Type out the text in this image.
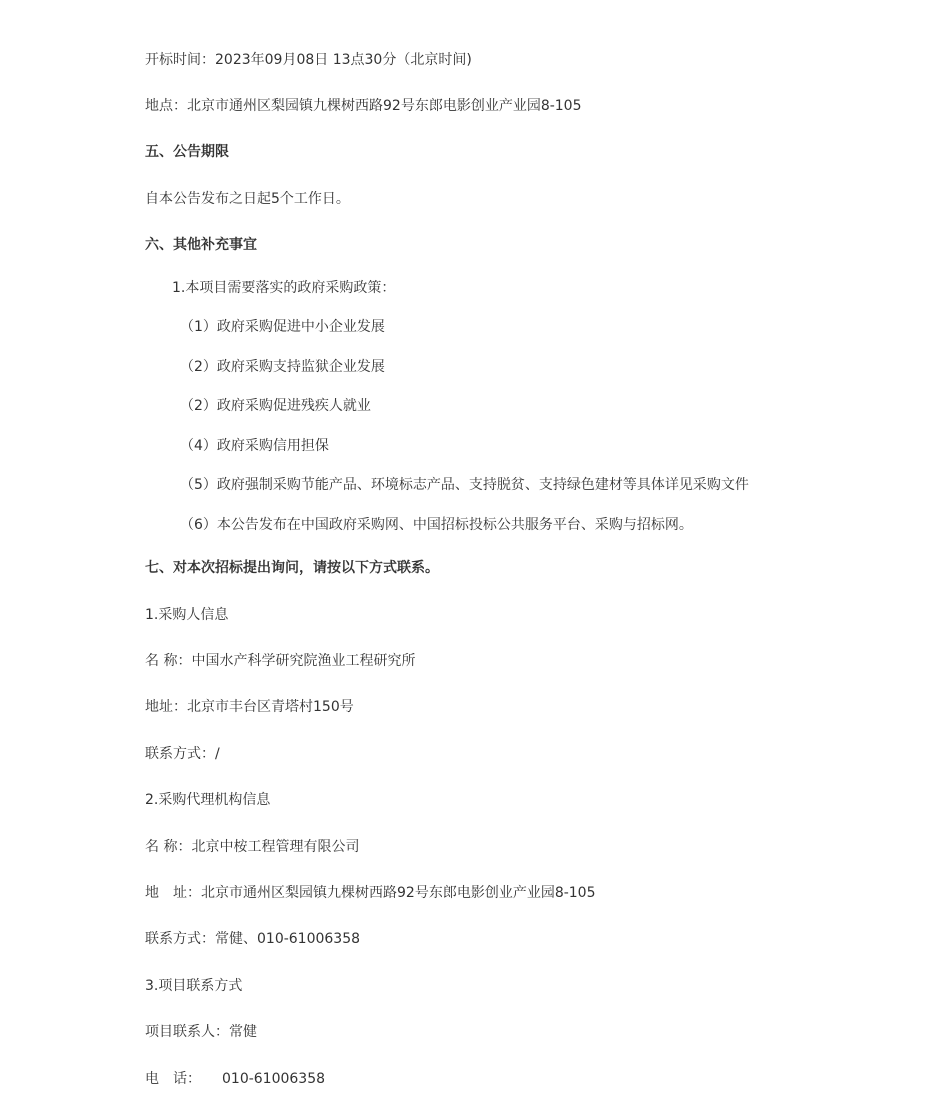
开标时间：2023年09月08日 13点30分（北京时间)
地点：北京市通州区梨园镇九棵树西路92号东郎电影创业产业园8-105
五、公告期限
自本公告发布之日起5个工作日。
六、其他补充事宜
1.本项目需要落实的政府采购政策：
（1）政府采购促进中小企业发展
（2）政府采购支持监狱企业发展
（2）政府采购促进残疾人就业
（4）政府采购信用担保
（5）政府强制采购节能产品、环境标志产品、支持脱贫、支持绿色建材等具体详见采购文件
（6）本公告发布在中国政府采购网、中国招标投标公共服务平台、采购与招标网。
七、对本次招标提出询问，请按以下方式联系。
1.采购人信息
名 称：中国水产科学研究院渔业工程研究所
地址：北京市丰台区青塔村150号
联系方式：/
2.采购代理机构信息
名 称：北京中桉工程管理有限公司
地　址：北京市通州区梨园镇九棵树西路92号东郎电影创业产业园8-105
联系方式：常健、010-61006358
3.项目联系方式
项目联系人：常健
电　话：　　010-61006358
